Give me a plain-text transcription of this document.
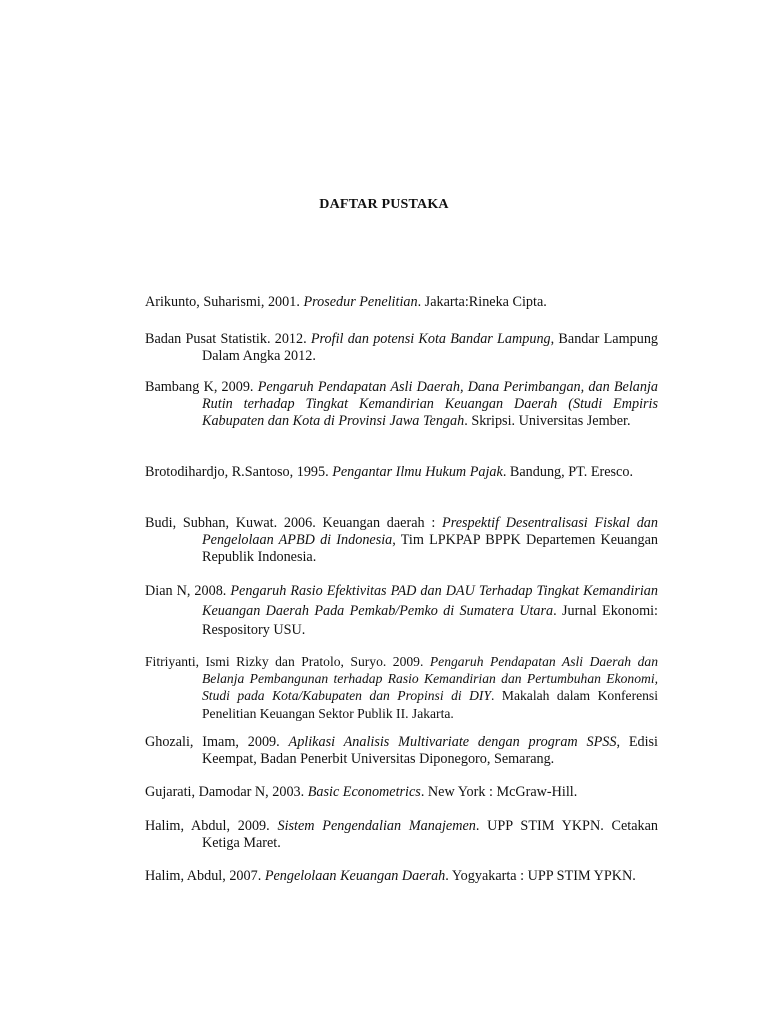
DAFTAR PUSTAKA
Arikunto, Suharismi, 2001. Prosedur Penelitian. Jakarta:Rineka Cipta.
Badan Pusat Statistik. 2012. Profil dan potensi Kota Bandar Lampung, Bandar Lampung Dalam Angka 2012.
Bambang K, 2009. Pengaruh Pendapatan Asli Daerah, Dana Perimbangan, dan Belanja Rutin terhadap Tingkat Kemandirian Keuangan Daerah (Studi Empiris Kabupaten dan Kota di Provinsi Jawa Tengah. Skripsi. Universitas Jember.
Brotodihardjo, R.Santoso, 1995. Pengantar Ilmu Hukum Pajak. Bandung, PT. Eresco.
Budi, Subhan, Kuwat. 2006. Keuangan daerah : Prespektif Desentralisasi Fiskal dan Pengelolaan APBD di Indonesia, Tim LPKPAP BPPK Departemen Keuangan Republik Indonesia.
Dian N, 2008. Pengaruh Rasio Efektivitas PAD dan DAU Terhadap Tingkat Kemandirian Keuangan Daerah Pada Pemkab/Pemko di Sumatera Utara. Jurnal Ekonomi: Respository USU.
Fitriyanti, Ismi Rizky dan Pratolo, Suryo. 2009. Pengaruh Pendapatan Asli Daerah dan Belanja Pembangunan terhadap Rasio Kemandirian dan Pertumbuhan Ekonomi, Studi pada Kota/Kabupaten dan Propinsi di DIY. Makalah dalam Konferensi Penelitian Keuangan Sektor Publik II. Jakarta.
Ghozali, Imam, 2009. Aplikasi Analisis Multivariate dengan program SPSS, Edisi Keempat, Badan Penerbit Universitas Diponegoro, Semarang.
Gujarati, Damodar N, 2003. Basic Econometrics. New York : McGraw-Hill.
Halim, Abdul, 2009. Sistem Pengendalian Manajemen. UPP STIM YKPN. Cetakan Ketiga Maret.
Halim, Abdul, 2007. Pengelolaan Keuangan Daerah. Yogyakarta : UPP STIM YPKN.
